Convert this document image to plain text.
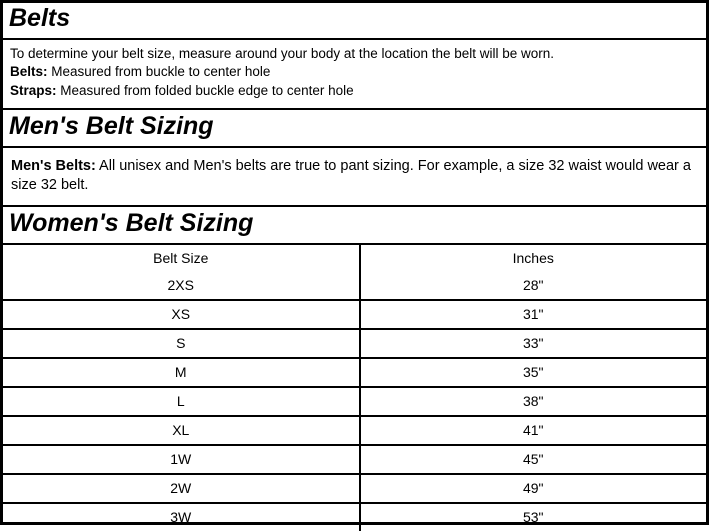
Belts

To determine your belt size, measure around your body at the location the belt will be worn.

Belts: Measured from buckle to center hole

Straps: Measured from folded buckle edge to center hole

Men's Belt Sizing
Men's Belts: All unisex and Men's belts are true to pant sizing. For example, a size 32 waist would wear a size 32 belt.
Women's Belt Sizing
Belt Size	Inches
2XS	28"
XS	31"
S	33"
M	35"
L	38"
XL	41"
1W	45"
2W	49"
3W	53"
